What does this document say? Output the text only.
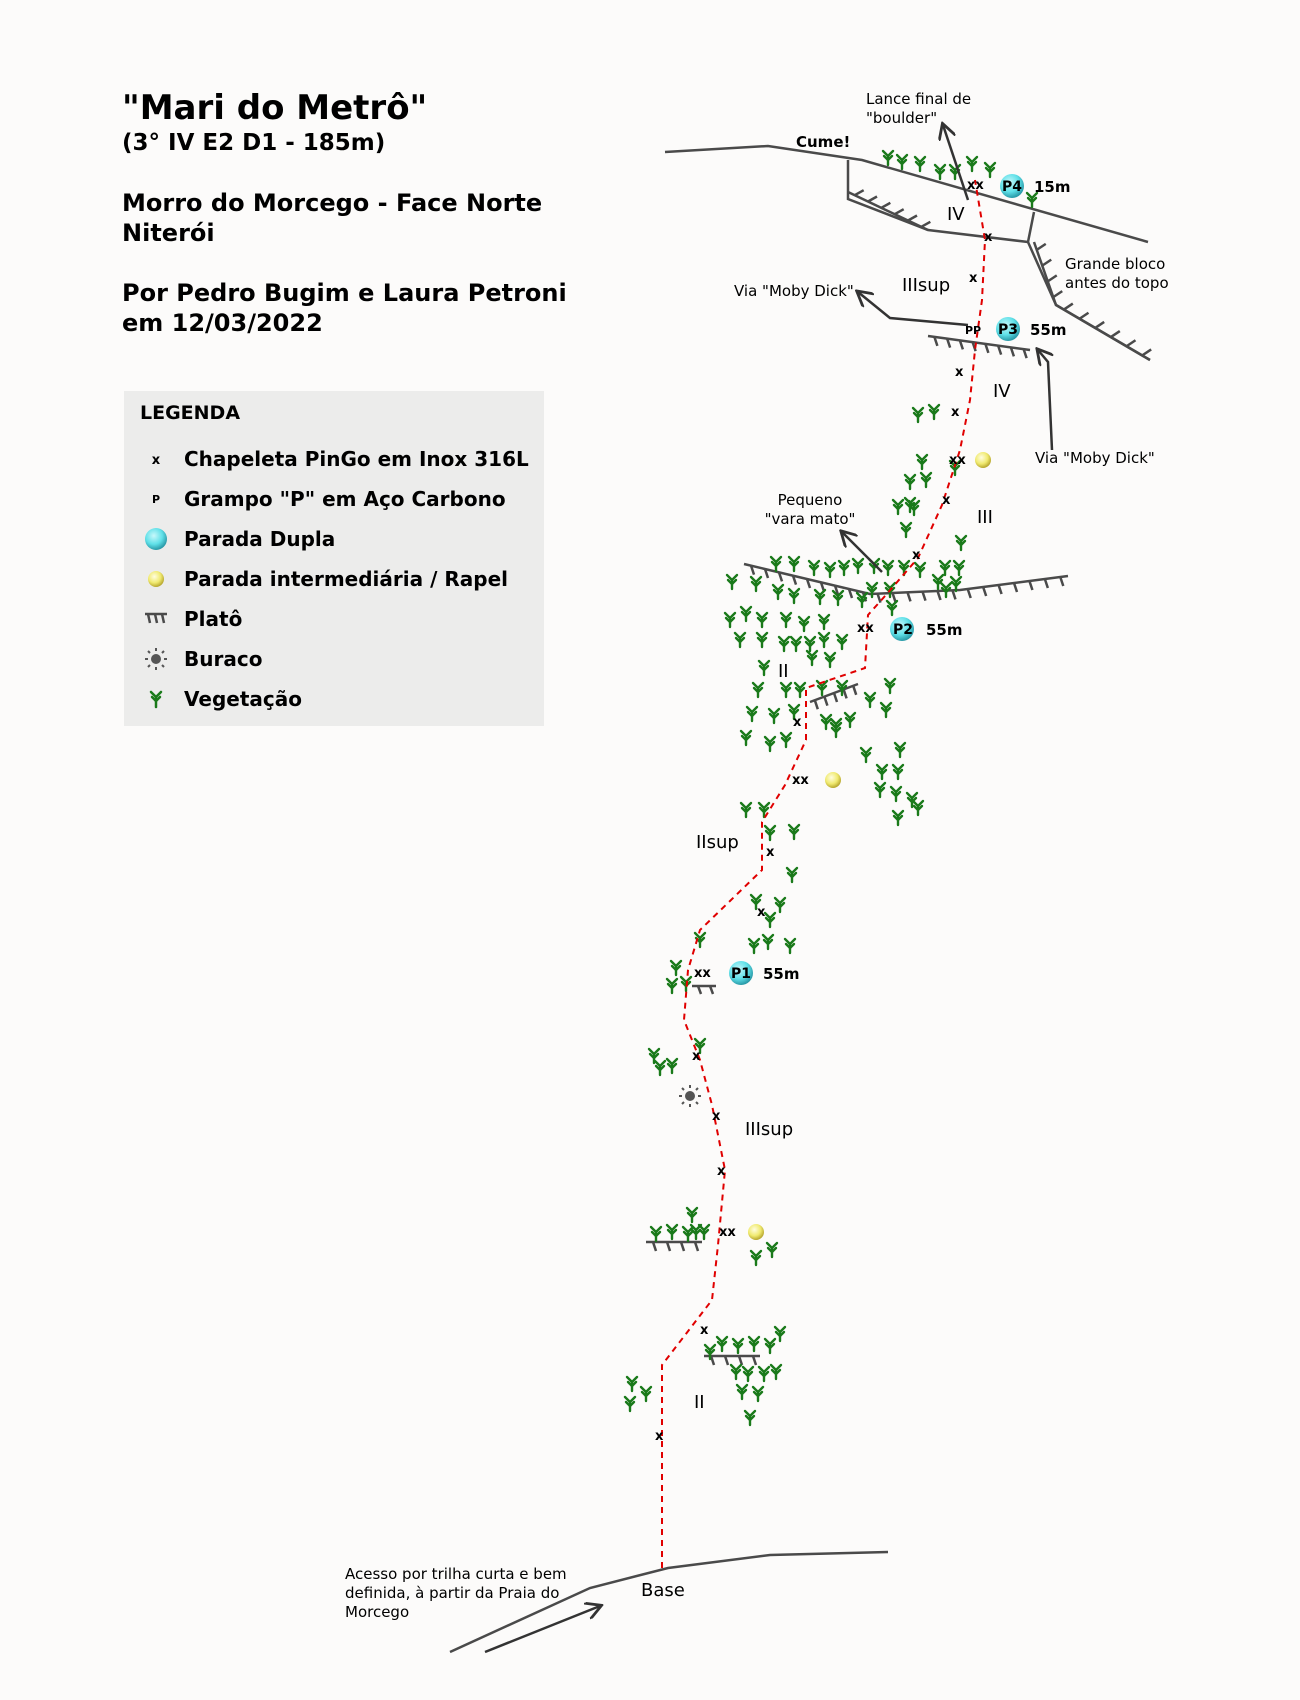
"Mari do Metrô"
(3° IV E2 D1 - 185m)
Morro do Morcego - Face Norte
Niterói
Por Pedro Bugim e Laura Petroni
em 12/03/2022
LEGENDA
x Chapeleta PinGo em Inox 316L
P Grampo "P" em Aço Carbono
Parada Dupla
Parada intermediária / Rapel
Platô
Buraco
Vegetação
x
x
xx
x
x
x
xx
x
x
xx
x
xx
x
x
xx
x
x
PP
x
x
xx
P1 55m
P2 55m
P3 55m
P4 15m
II
IIIsup
IIsup
II
III
IV
IIIsup
IV
Cume!
Lance final de "boulder"
Grande bloco antes do topo
Via "Moby Dick"
Via "Moby Dick"
Pequeno "vara mato"
Base
Acesso por trilha curta e bem definida, à partir da Praia do Morcego
